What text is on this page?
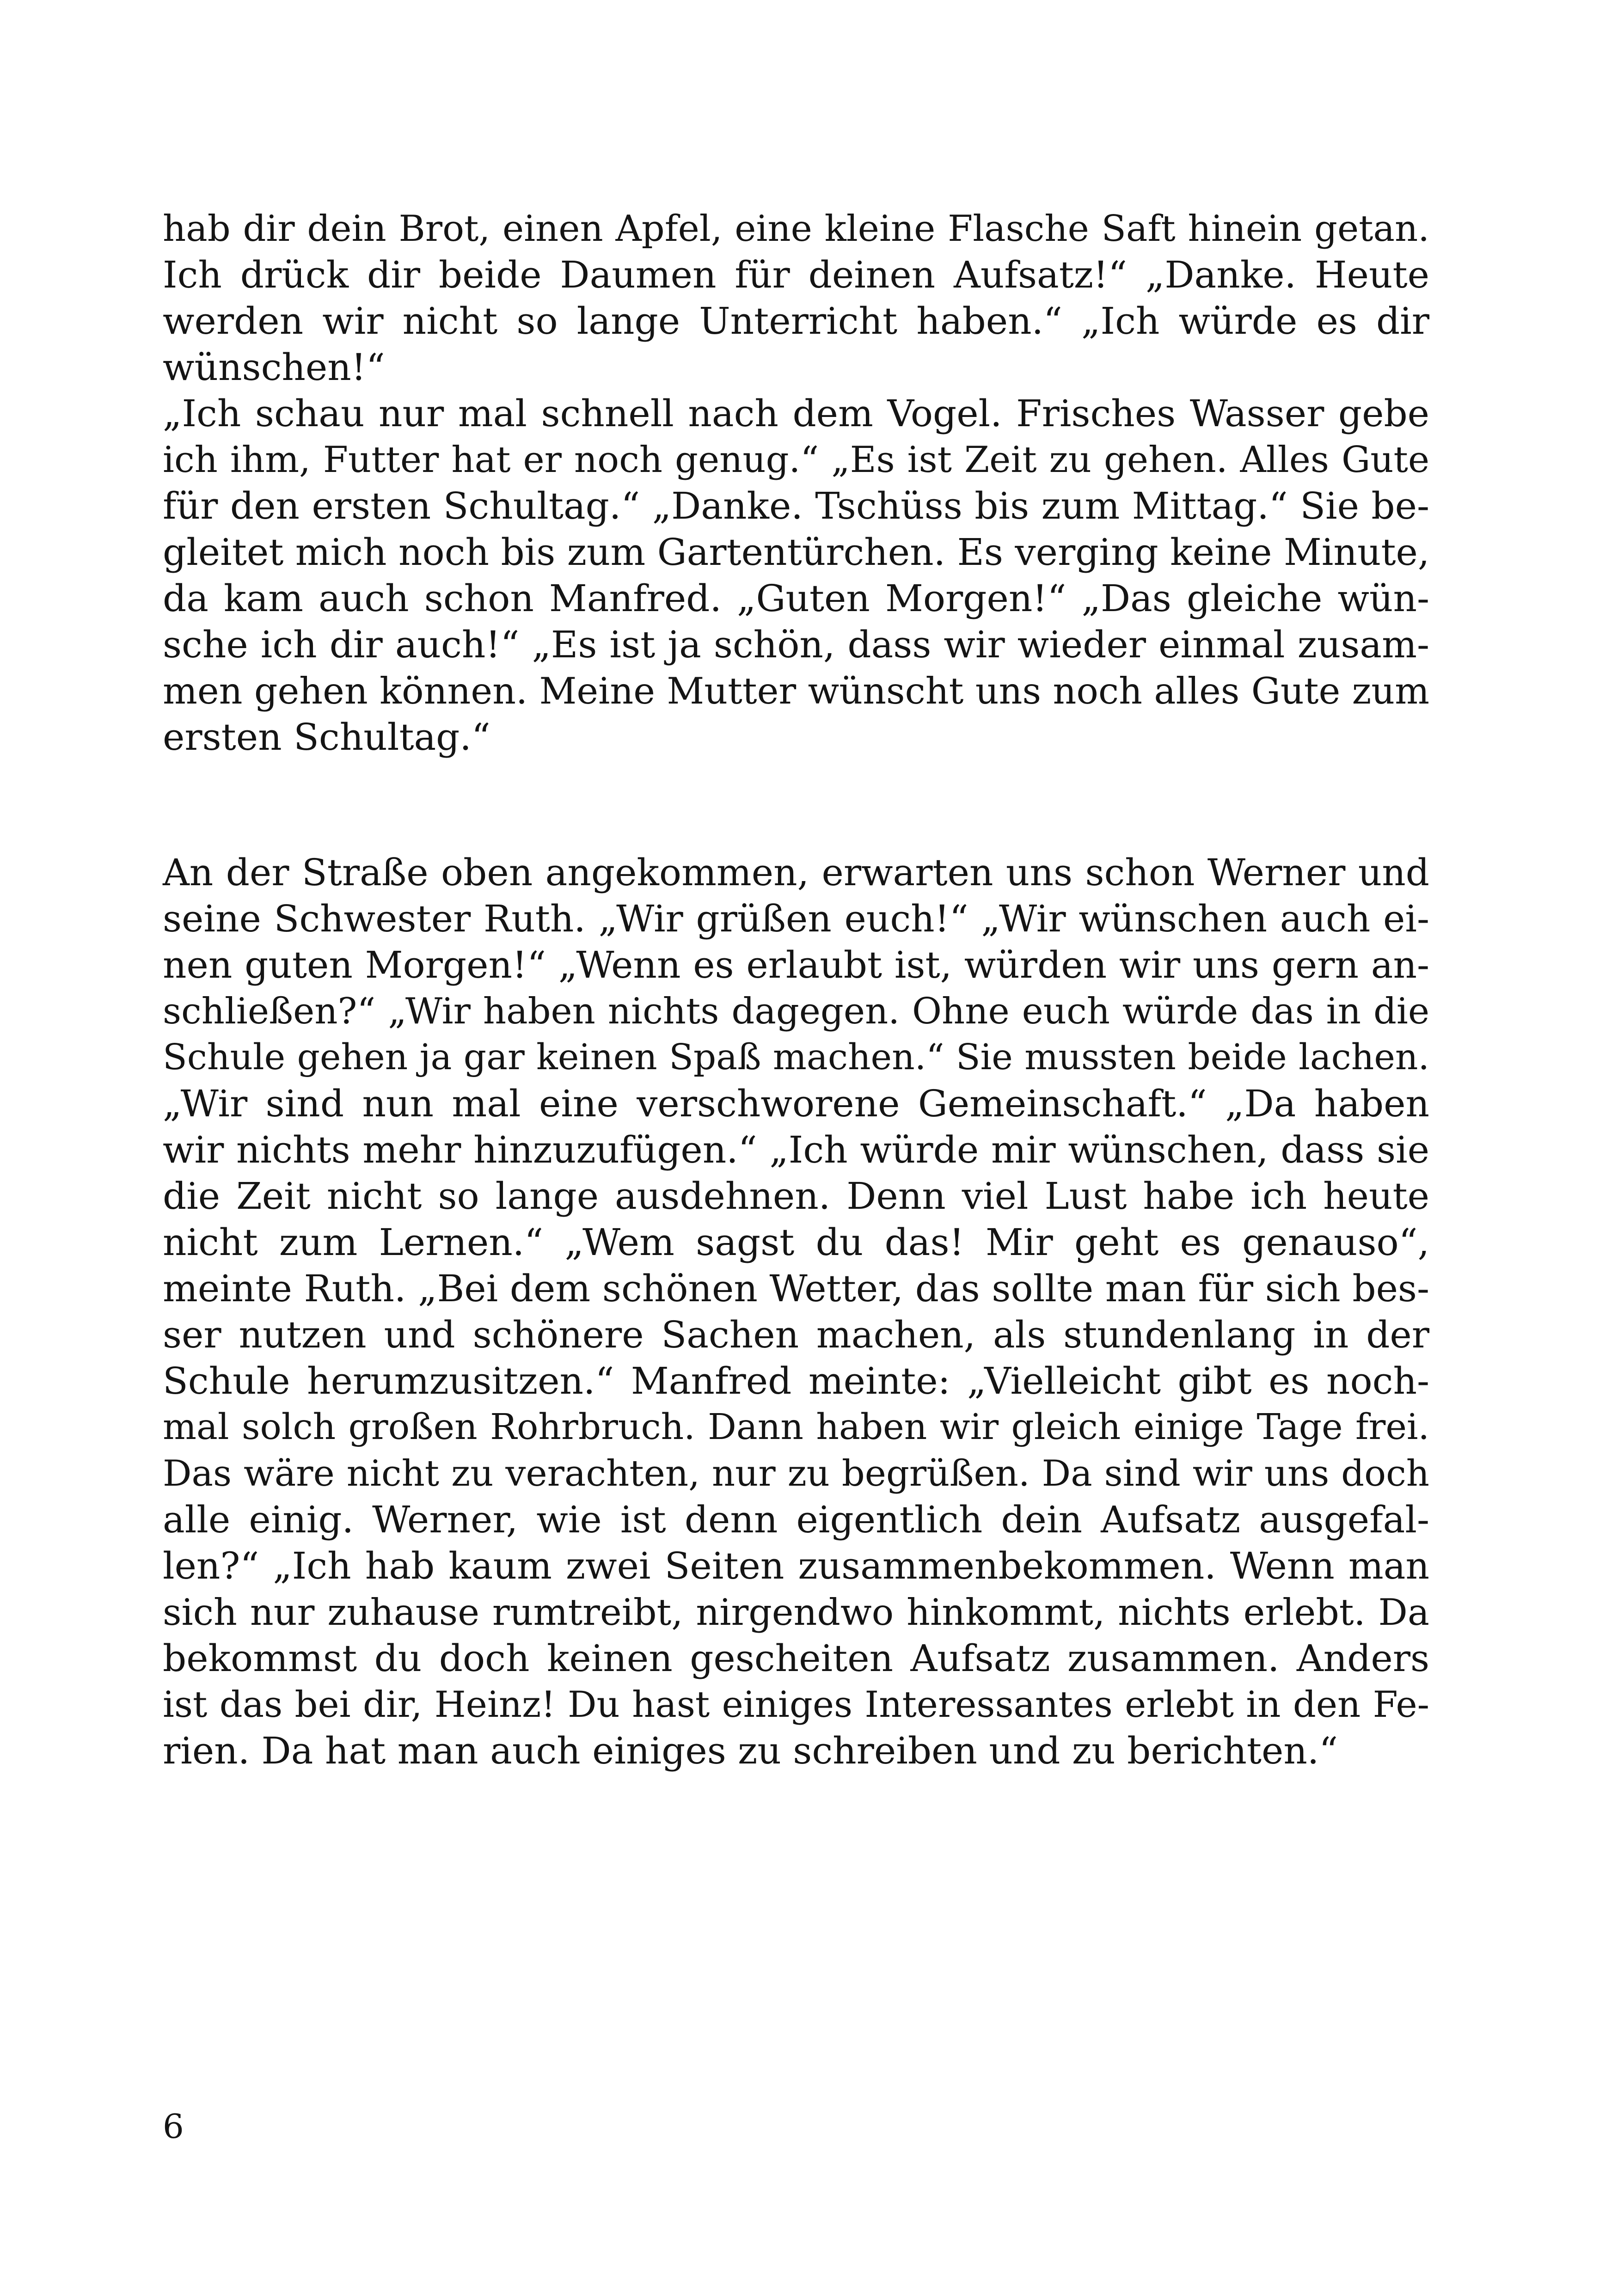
hab dir dein Brot, einen Apfel, eine kleine Flasche Saft hinein getan.
Ich drück dir beide Daumen für deinen Aufsatz!“ „Danke. Heute
werden wir nicht so lange Unterricht haben.“ „Ich würde es dir
wünschen!“
„Ich schau nur mal schnell nach dem Vogel. Frisches Wasser gebe
ich ihm, Futter hat er noch genug.“ „Es ist Zeit zu gehen. Alles Gute
für den ersten Schultag.“ „Danke. Tschüss bis zum Mittag.“ Sie be-
gleitet mich noch bis zum Gartentürchen. Es verging keine Minute,
da kam auch schon Manfred. „Guten Morgen!“ „Das gleiche wün-
sche ich dir auch!“ „Es ist ja schön, dass wir wieder einmal zusam-
men gehen können. Meine Mutter wünscht uns noch alles Gute zum
ersten Schultag.“
An der Straße oben angekommen, erwarten uns schon Werner und
seine Schwester Ruth. „Wir grüßen euch!“ „Wir wünschen auch ei-
nen guten Morgen!“ „Wenn es erlaubt ist, würden wir uns gern an-
schließen?“ „Wir haben nichts dagegen. Ohne euch würde das in die
Schule gehen ja gar keinen Spaß machen.“ Sie mussten beide lachen.
„Wir sind nun mal eine verschworene Gemeinschaft.“ „Da haben
wir nichts mehr hinzuzufügen.“ „Ich würde mir wünschen, dass sie
die Zeit nicht so lange ausdehnen. Denn viel Lust habe ich heute
nicht zum Lernen.“ „Wem sagst du das! Mir geht es genauso“,
meinte Ruth. „Bei dem schönen Wetter, das sollte man für sich bes-
ser nutzen und schönere Sachen machen, als stundenlang in der
Schule herumzusitzen.“ Manfred meinte: „Vielleicht gibt es noch-
mal solch großen Rohrbruch. Dann haben wir gleich einige Tage frei.
Das wäre nicht zu verachten, nur zu begrüßen. Da sind wir uns doch
alle einig. Werner, wie ist denn eigentlich dein Aufsatz ausgefal-
len?“ „Ich hab kaum zwei Seiten zusammenbekommen. Wenn man
sich nur zuhause rumtreibt, nirgendwo hinkommt, nichts erlebt. Da
bekommst du doch keinen gescheiten Aufsatz zusammen. Anders
ist das bei dir, Heinz! Du hast einiges Interessantes erlebt in den Fe-
rien. Da hat man auch einiges zu schreiben und zu berichten.“
6
